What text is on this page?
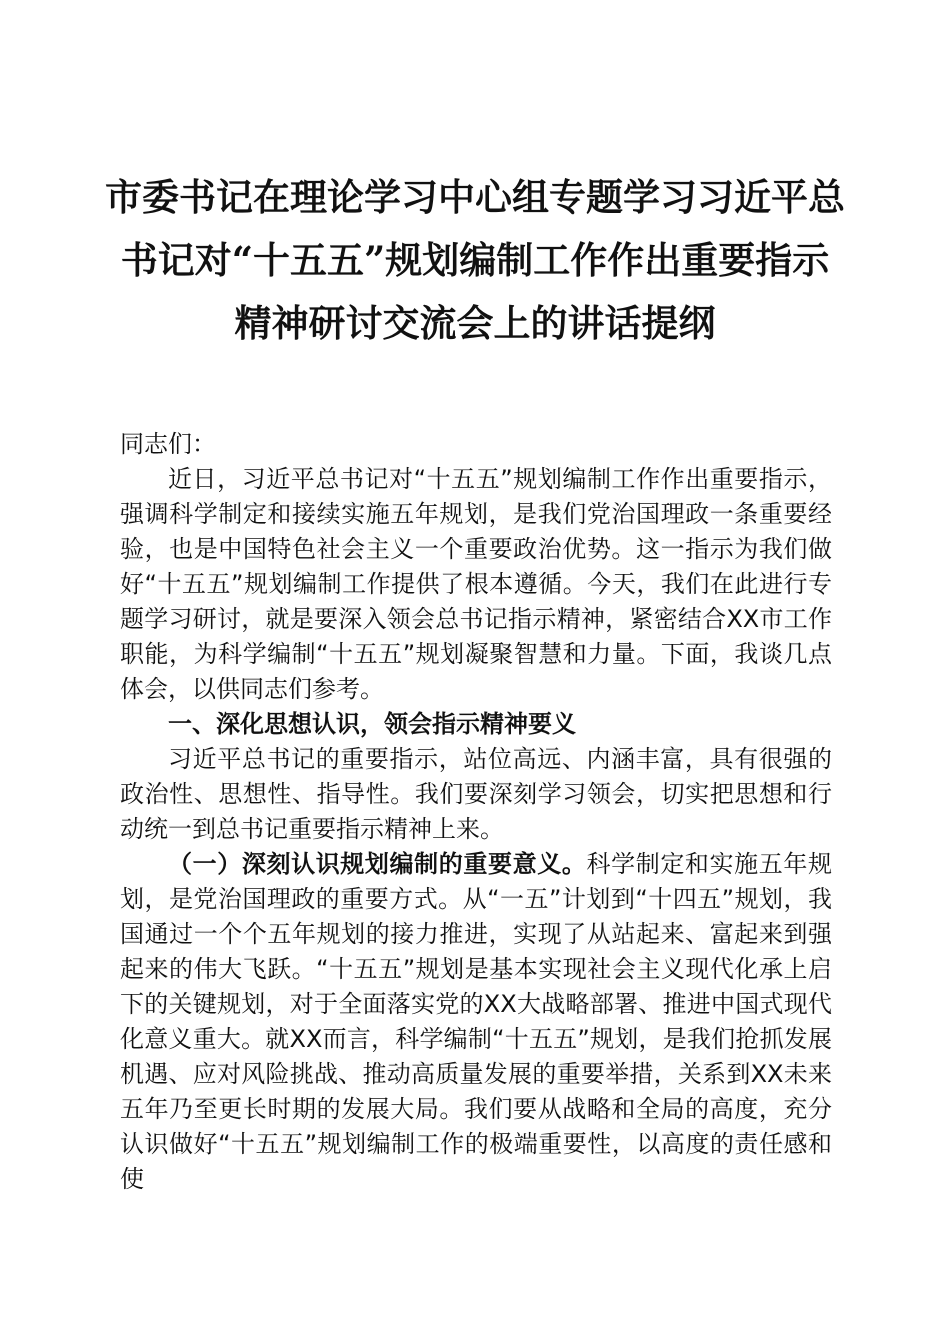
市委书记在理论学习中心组专题学习习近平总
书记对“十五五”规划编制工作作出重要指示
精神研讨交流会上的讲话提纲

同志们：

近日，习近平总书记对“十五五”规划编制工作作出重要指示，强调科学制定和接续实施五年规划，是我们党治国理政一条重要经验，也是中国特色社会主义一个重要政治优势。这一指示为我们做好“十五五”规划编制工作提供了根本遵循。今天，我们在此进行专题学习研讨，就是要深入领会总书记指示精神，紧密结合XX市工作职能，为科学编制“十五五”规划凝聚智慧和力量。下面，我谈几点体会，以供同志们参考。

一、深化思想认识，领会指示精神要义

习近平总书记的重要指示，站位高远、内涵丰富，具有很强的政治性、思想性、指导性。我们要深刻学习领会，切实把思想和行动统一到总书记重要指示精神上来。

（一）深刻认识规划编制的重要意义。科学制定和实施五年规划，是党治国理政的重要方式。从“一五”计划到“十四五”规划，我国通过一个个五年规划的接力推进，实现了从站起来、富起来到强起来的伟大飞跃。“十五五”规划是基本实现社会主义现代化承上启下的关键规划，对于全面落实党的XX大战略部署、推进中国式现代化意义重大。就XX而言，科学编制“十五五”规划，是我们抢抓发展机遇、应对风险挑战、推动高质量发展的重要举措，关系到XX未来五年乃至更长时期的发展大局。我们要从战略和全局的高度，充分认识做好“十五五”规划编制工作的极端重要性，以高度的责任感和使
